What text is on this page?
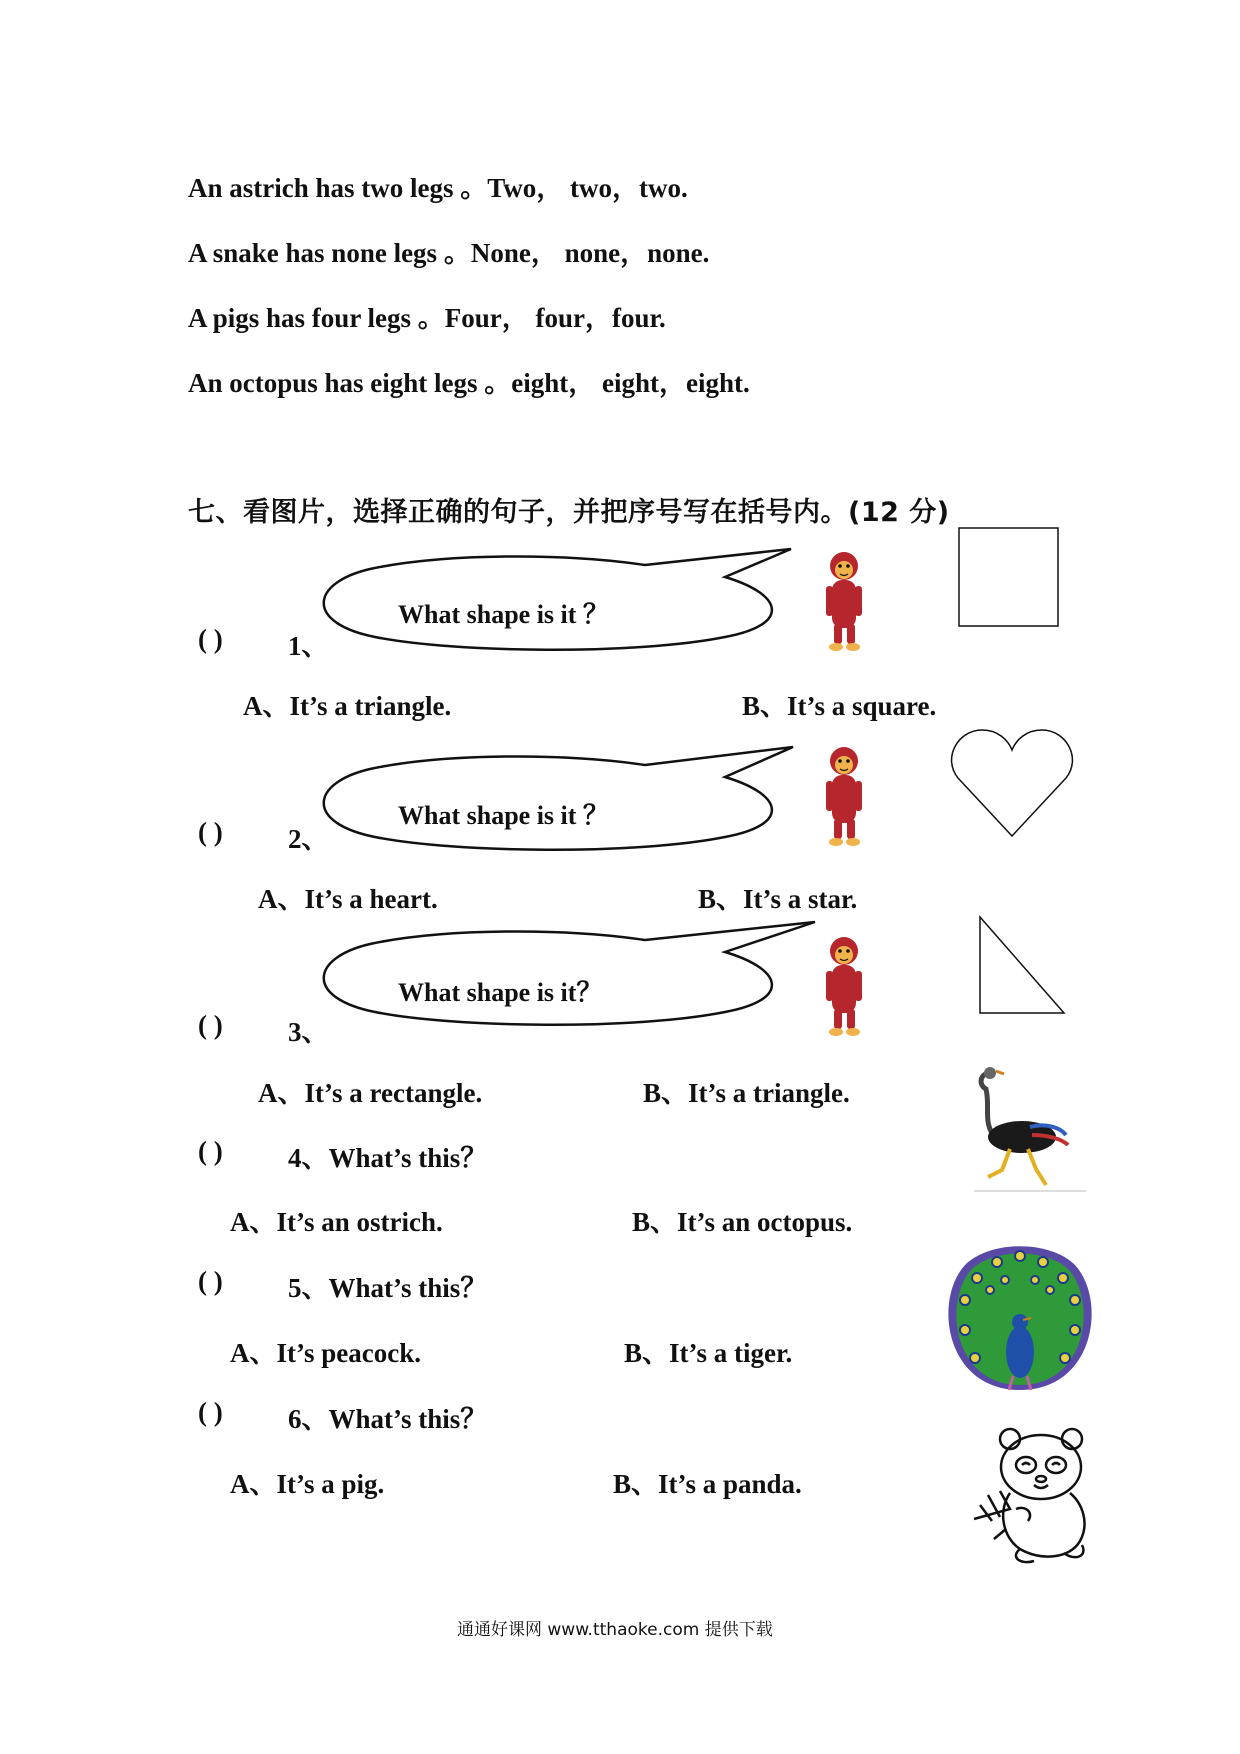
An astrich has two legs 。Two， two，two.
A snake has none legs 。None， none，none.
A pigs has four legs 。Four， four，four.
An octopus has eight legs 。eight， eight，eight.
七、看图片，选择正确的句子，并把序号写在括号内。(12 分)
What shape is it ？
( ) 1、
A、It’s a triangle.	B、It’s a square.
What shape is it ？
( ) 2、
A、It’s a heart.	B、It’s a star.
What shape is it？
( ) 3、
A、It’s a rectangle.	B、It’s a triangle.
( ) 4、What’s this？
A、It’s an ostrich.	B、It’s an octopus.
( ) 5、What’s this？
A、It’s peacock.	B、It’s a tiger.
( ) 6、What’s this？
A、It’s a pig.	B、It’s a panda.
通通好课网 www.tthaoke.com 提供下载
